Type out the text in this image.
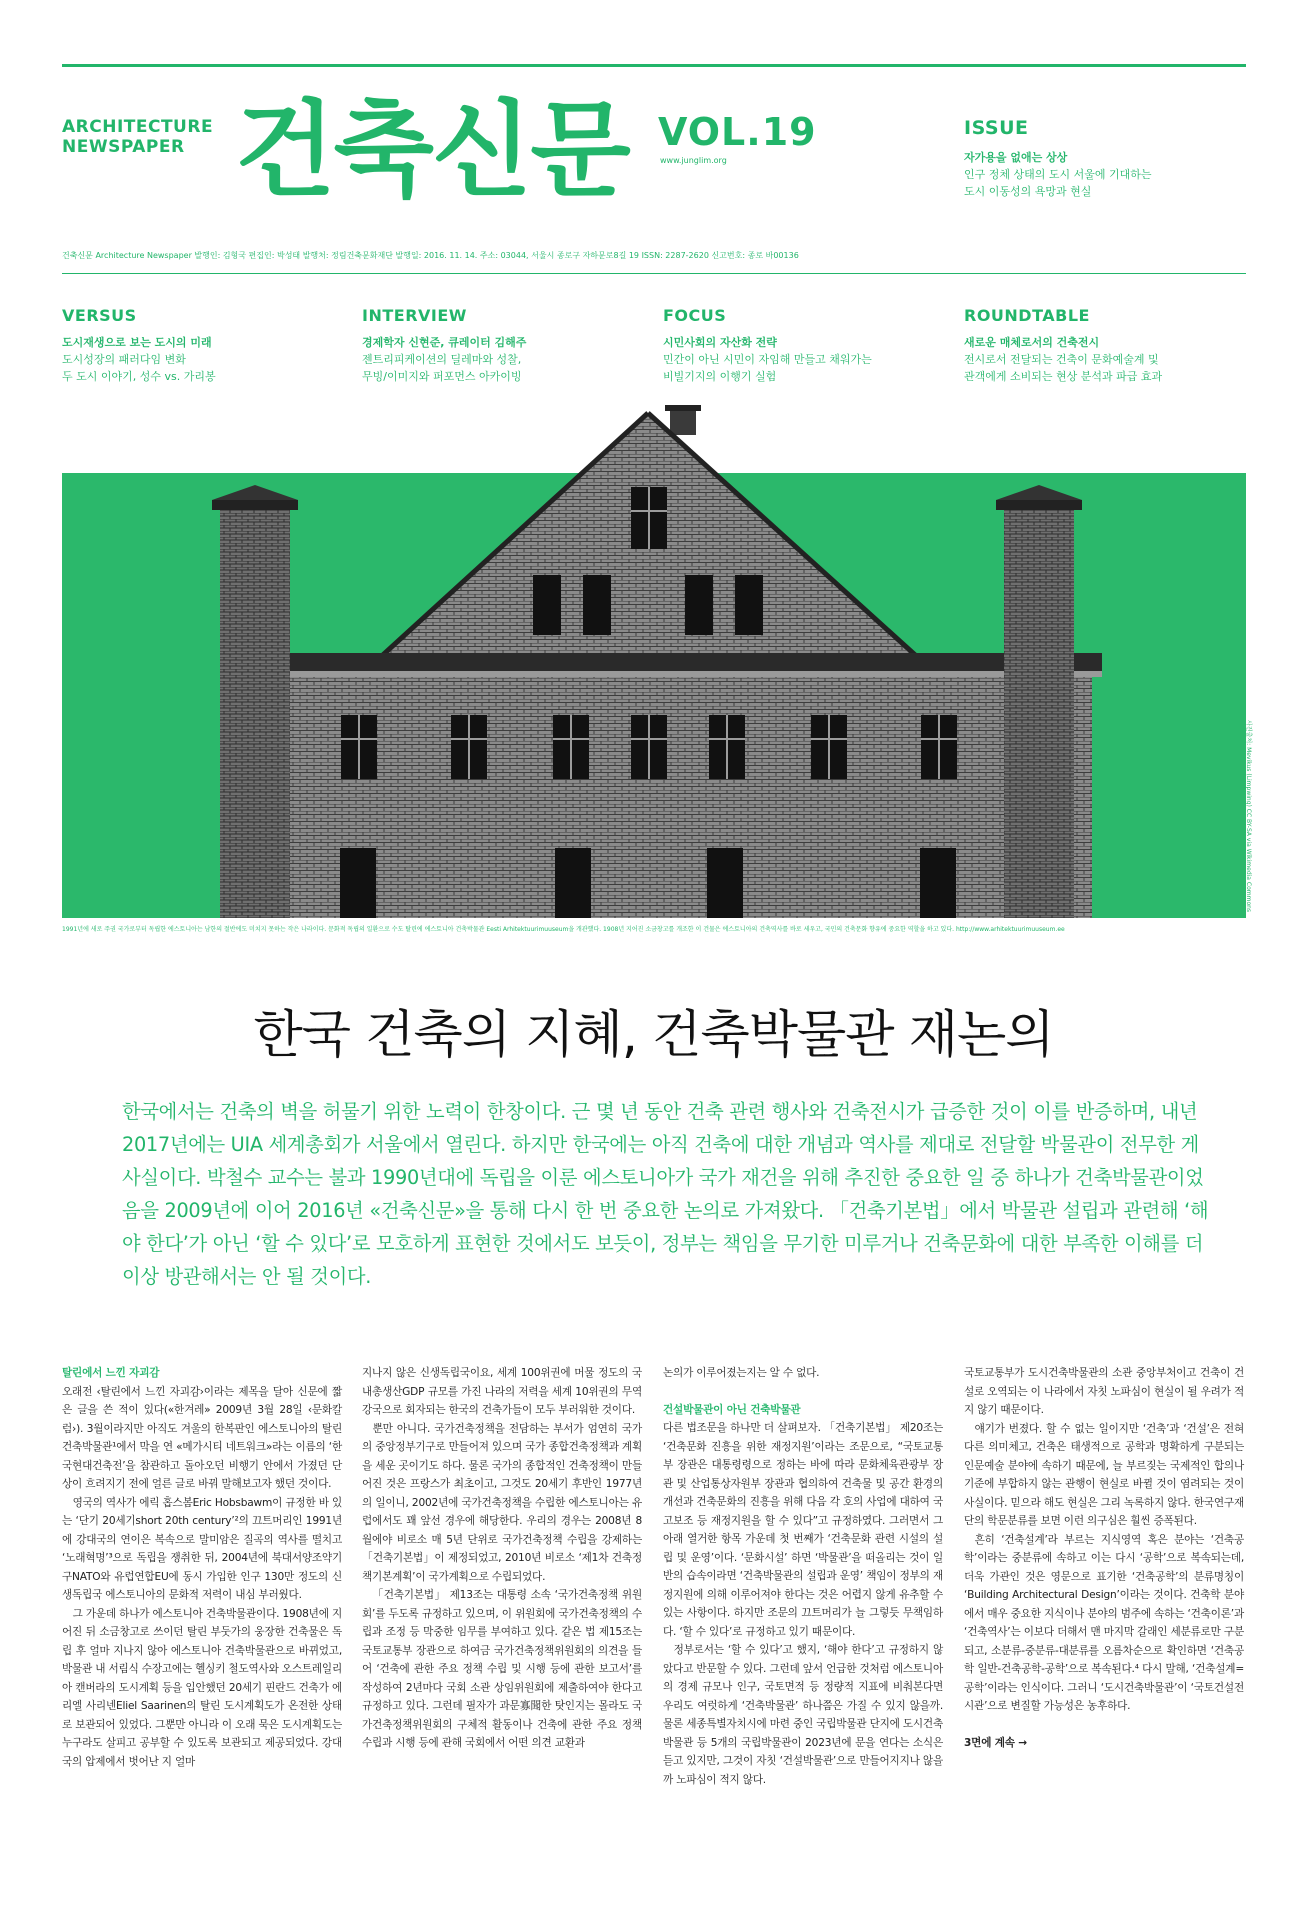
ARCHITECTURE
NEWSPAPER 건축신문 VOL.19
www.junglim.org
ISSUE
자가용을 없애는 상상
인구 정체 상태의 도시 서울에 기대하는
도시 이동성의 욕망과 현실
건축신문 Architecture Newspaper 발행인: 김형국 편집인: 박성태 발행처: 정림건축문화재단 발행일: 2016. 11. 14. 주소: 03044, 서울시 종로구 자하문로8길 19 ISSN: 2287-2620 신고번호: 종로 바00136
VERSUS
도시재생으로 보는 도시의 미래
도시성장의 패러다임 변화
두 도시 이야기, 성수 vs. 가리봉
INTERVIEW
경제학자 신현준, 큐레이터 김해주
젠트리피케이션의 딜레마와 성찰,
무빙/이미지와 퍼포먼스 아카이빙
FOCUS
시민사회의 자산화 전략
민간이 아닌 시민이 자임해 만들고 채워가는
비빌기지의 이행기 실험
ROUNDTABLE
새로운 매체로서의 건축전시
전시로서 전달되는 건축이 문화예술계 및
관객에게 소비되는 현상 분석과 파급 효과
사진출처: Mevikus (Limpwing) CC BY-SA via Wikimedia Commons
1991년에 새로 주권 국가로부터 독립한 에스토니아는 남한의 절반에도 미치지 못하는 작은 나라이다. 문화적 독립의 일환으로 수도 탈린에 에스토니아 건축박물관 Eesti Arhitektuurimuuseum을 개관했다. 1908년 지어진 소금창고를 개조한 이 건물은 에스토니아의 건축역사를 바로 세우고, 국민의 건축문화 향유에 중요한 역할을 하고 있다. http://www.arhitektuurimuuseum.ee
한국 건축의 지혜, 건축박물관 재논의
한국에서는 건축의 벽을 허물기 위한 노력이 한창이다. 근 몇 년 동안 건축 관련 행사와 건축전시가 급증한 것이 이를 반증하며, 내년 2017년에는 UIA 세계총회가 서울에서 열린다. 하지만 한국에는 아직 건축에 대한 개념과 역사를 제대로 전달할 박물관이 전무한 게 사실이다. 박철수 교수는 불과 1990년대에 독립을 이룬 에스토니아가 국가 재건을 위해 추진한 중요한 일 중 하나가 건축박물관이었음을 2009년에 이어 2016년 «건축신문»을 통해 다시 한 번 중요한 논의로 가져왔다. 「건축기본법」에서 박물관 설립과 관련해 ‘해야 한다’가 아닌 ‘할 수 있다’로 모호하게 표현한 것에서도 보듯이, 정부는 책임을 무기한 미루거나 건축문화에 대한 부족한 이해를 더 이상 방관해서는 안 될 것이다.
탈린에서 느낀 자괴감

오래전 ‹탈린에서 느낀 자괴감›이라는 제목을 달아 신문에 짧은 글을 쓴 적이 있다(«한겨레» 2009년 3월 28일 ‹문화칼럼›). 3월이라지만 아직도 겨울의 한복판인 에스토니아의 탈린 건축박물관¹에서 막을 연 «메가시티 네트워크»라는 이름의 ‘한국현대건축전’을 참관하고 돌아오던 비행기 안에서 가졌던 단상이 흐려지기 전에 얼른 글로 바꿔 말해보고자 했던 것이다.

영국의 역사가 에릭 홉스봄Eric Hobsbawm이 규정한 바 있는 ‘단기 20세기short 20th century’²의 끄트머리인 1991년에 강대국의 연이은 복속으로 말미암은 질곡의 역사를 떨치고 ‘노래혁명’³으로 독립을 쟁취한 뒤, 2004년에 북대서양조약기구NATO와 유럽연합EU에 동시 가입한 인구 130만 정도의 신생독립국 에스토니아의 문화적 저력이 내심 부러웠다.

그 가운데 하나가 에스토니아 건축박물관이다. 1908년에 지어진 뒤 소금창고로 쓰이던 탈린 부둣가의 웅장한 건축물은 독립 후 얼마 지나지 않아 에스토니아 건축박물관으로 바뀌었고, 박물관 내 서림식 수장고에는 헬싱키 철도역사와 오스트레일리아 캔버라의 도시계획 등을 입안했던 20세기 핀란드 건축가 에리엘 사리넨Eliel Saarinen의 탈린 도시계획도가 온전한 상태로 보관되어 있었다. 그뿐만 아니라 이 오래 묵은 도시계획도는 누구라도 살피고 공부할 수 있도록 보관되고 제공되었다. 강대국의 압제에서 벗어난 지 얼마

지나지 않은 신생독립국이요, 세계 100위권에 머물 정도의 국내총생산GDP 규모를 가진 나라의 저력을 세계 10위권의 무역 강국으로 회자되는 한국의 건축가들이 모두 부러워한 것이다.

뿐만 아니다. 국가건축정책을 전담하는 부서가 엄연히 국가의 중앙정부기구로 만들어져 있으며 국가 종합건축정책과 계획을 세운 곳이기도 하다. 물론 국가의 종합적인 건축정책이 만들어진 것은 프랑스가 최초이고, 그것도 20세기 후반인 1977년의 일이니, 2002년에 국가건축정책을 수립한 에스토니아는 유럽에서도 꽤 앞선 경우에 해당한다. 우리의 경우는 2008년 8월에야 비로소 매 5년 단위로 국가건축정책 수립을 강제하는 「건축기본법」이 제정되었고, 2010년 비로소 ‘제1차 건축정책기본계획’이 국가계획으로 수립되었다.

「건축기본법」 제13조는 대통령 소속 ‘국가건축정책 위원회’를 두도록 규정하고 있으며, 이 위원회에 국가건축정책의 수립과 조정 등 막중한 임무를 부여하고 있다. 같은 법 제15조는 국토교통부 장관으로 하여금 국가건축정책위원회의 의견을 들어 ‘건축에 관한 주요 정책 수립 및 시행 등에 관한 보고서’를 작성하여 2년마다 국회 소관 상임위원회에 제출하여야 한다고 규정하고 있다. 그런데 필자가 과문寡聞한 탓인지는 몰라도 국가건축정책위원회의 구체적 활동이나 건축에 관한 주요 정책 수립과 시행 등에 관해 국회에서 어떤 의견 교환과

논의가 이루어졌는지는 알 수 없다.

건설박물관이 아닌 건축박물관

다른 법조문을 하나만 더 살펴보자. 「건축기본법」 제20조는 ‘건축문화 진흥을 위한 재정지원’이라는 조문으로, “국토교통부 장관은 대통령령으로 정하는 바에 따라 문화체육관광부 장관 및 산업통상자원부 장관과 협의하여 건축물 및 공간 환경의 개선과 건축문화의 진흥을 위해 다음 각 호의 사업에 대하여 국고보조 등 재정지원을 할 수 있다”고 규정하였다. 그러면서 그 아래 열거한 항목 가운데 첫 번째가 ‘건축문화 관련 시설의 설립 및 운영’이다. ‘문화시설’ 하면 ‘박물관’을 떠올리는 것이 일반의 습속이라면 ‘건축박물관의 설립과 운영’ 책임이 정부의 재정지원에 의해 이루어져야 한다는 것은 어렵지 않게 유추할 수 있는 사항이다. 하지만 조문의 끄트머리가 늘 그렇듯 무책임하다. ‘할 수 있다’로 규정하고 있기 때문이다.

정부로서는 ‘할 수 있다’고 했지, ‘해야 한다’고 규정하지 않았다고 반문할 수 있다. 그런데 앞서 언급한 것처럼 에스토니아의 경제 규모나 인구, 국토면적 등 정량적 지표에 비춰본다면 우리도 여럿하게 ‘건축박물관’ 하나쯤은 가질 수 있지 않을까. 물론 세종특별자치시에 마련 중인 국립박물관 단지에 도시건축박물관 등 5개의 국립박물관이 2023년에 문을 연다는 소식은 듣고 있지만, 그것이 자칫 ‘건설박물관’으로 만들어지지나 않을까 노파심이 적지 않다.

국토교통부가 도시건축박물관의 소관 중앙부처이고 건축이 건설로 오역되는 이 나라에서 자칫 노파심이 현실이 될 우려가 적지 않기 때문이다.

얘기가 번졌다. 할 수 없는 일이지만 ‘건축’과 ‘건설’은 전혀 다른 의미체고, 건축은 태생적으로 공학과 명확하게 구분되는 인문예술 분야에 속하기 때문에, 늘 부르짖는 국제적인 합의나 기준에 부합하지 않는 관행이 현실로 바뀔 것이 염려되는 것이 사실이다. 믿으라 해도 현실은 그리 녹록하지 않다. 한국연구재단의 학문분류를 보면 이런 의구심은 훨씬 증폭된다.

흔히 ‘건축설계’라 부르는 지식영역 혹은 분야는 ‘건축공학’이라는 중분류에 속하고 이는 다시 ‘공학’으로 복속되는데, 더욱 가관인 것은 영문으로 표기한 ‘건축공학’의 분류명칭이 ‘Building Architectural Design’이라는 것이다. 건축학 분야에서 매우 중요한 지식이나 분야의 범주에 속하는 ‘건축이론’과 ‘건축역사’는 이보다 더해서 맨 마지막 갈래인 세분류로만 구분되고, 소분류-중분류-대분류를 오름차순으로 확인하면 ‘건축공학 일반-건축공학-공학’으로 복속된다.⁴ 다시 말해, ‘건축설계=공학’이라는 인식이다. 그러니 ‘도시건축박물관’이 ‘국토건설전시관’으로 변질할 가능성은 농후하다.

3면에 계속 →
